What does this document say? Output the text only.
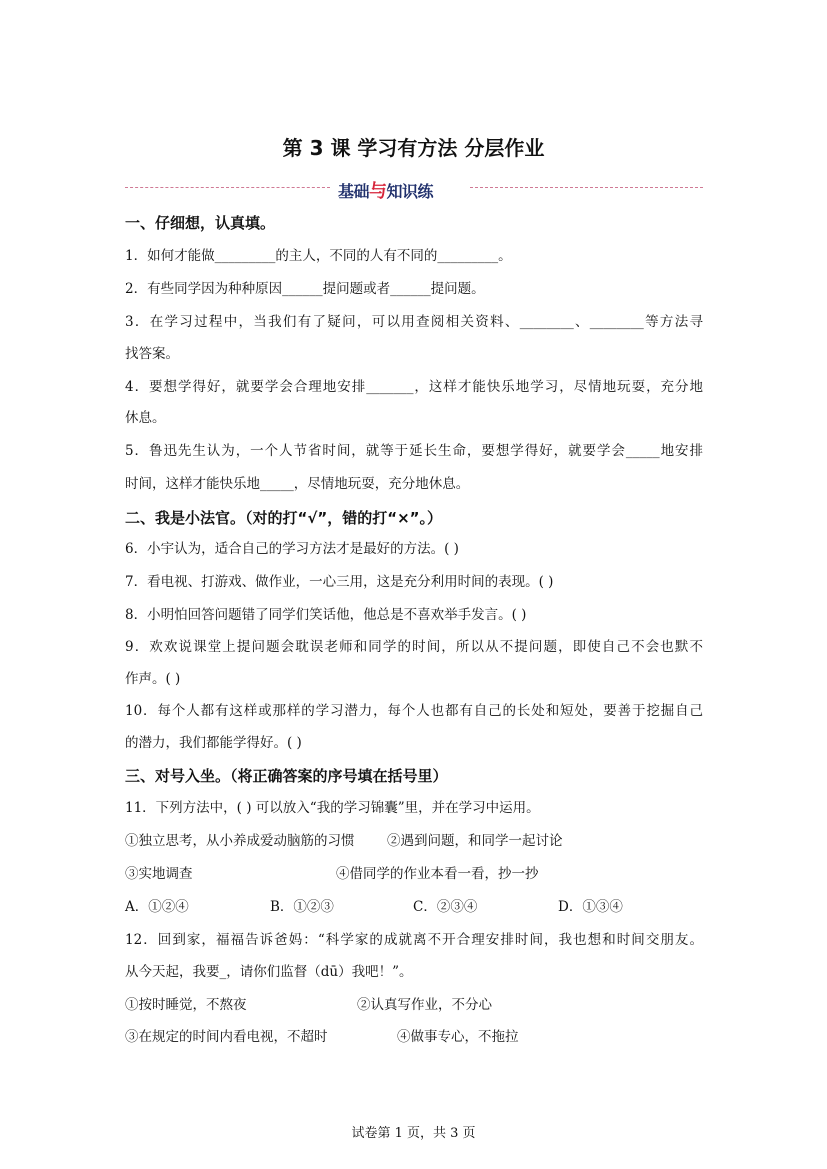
第 3 课 学习有方法 分层作业
基础与知识练
一、仔细想，认真填。
1．如何才能做_________的主人，不同的人有不同的_________。
2．有些同学因为种种原因______提问题或者______提问题。
3．在学习过程中，当我们有了疑问，可以用查阅相关资料、________、________等方法寻
找答案。
4．要想学得好，就要学会合理地安排_______，这样才能快乐地学习，尽情地玩耍，充分地
休息。
5．鲁迅先生认为，一个人节省时间，就等于延长生命，要想学得好，就要学会_____地安排
时间，这样才能快乐地_____，尽情地玩耍，充分地休息。
二、我是小法官。（对的打“√”，错的打“×”。）
6．小宇认为，适合自己的学习方法才是最好的方法。( )
7．看电视、打游戏、做作业，一心三用，这是充分利用时间的表现。( )
8．小明怕回答问题错了同学们笑话他，他总是不喜欢举手发言。( )
9．欢欢说课堂上提问题会耽误老师和同学的时间，所以从不提问题，即使自己不会也默不
作声。( )
10．每个人都有这样或那样的学习潜力，每个人也都有自己的长处和短处，要善于挖掘自己
的潜力，我们都能学得好。( )
三、对号入坐。（将正确答案的序号填在括号里）
11．下列方法中，( ) 可以放入“我的学习锦囊”里，并在学习中运用。
①独立思考，从小养成爱动脑筋的习惯 ②遇到问题，和同学一起讨论
③实地调查	④借同学的作业本看一看，抄一抄
A．①②④	B．①②③	C．②③④	D．①③④
12．回到家，福福告诉爸妈：“科学家的成就离不开合理安排时间，我也想和时间交朋友。
从今天起，我要_，请你们监督（dū）我吧！”。
①按时睡觉，不熬夜	②认真写作业，不分心
③在规定的时间内看电视，不超时	④做事专心，不拖拉
试卷第 1 页，共 3 页
